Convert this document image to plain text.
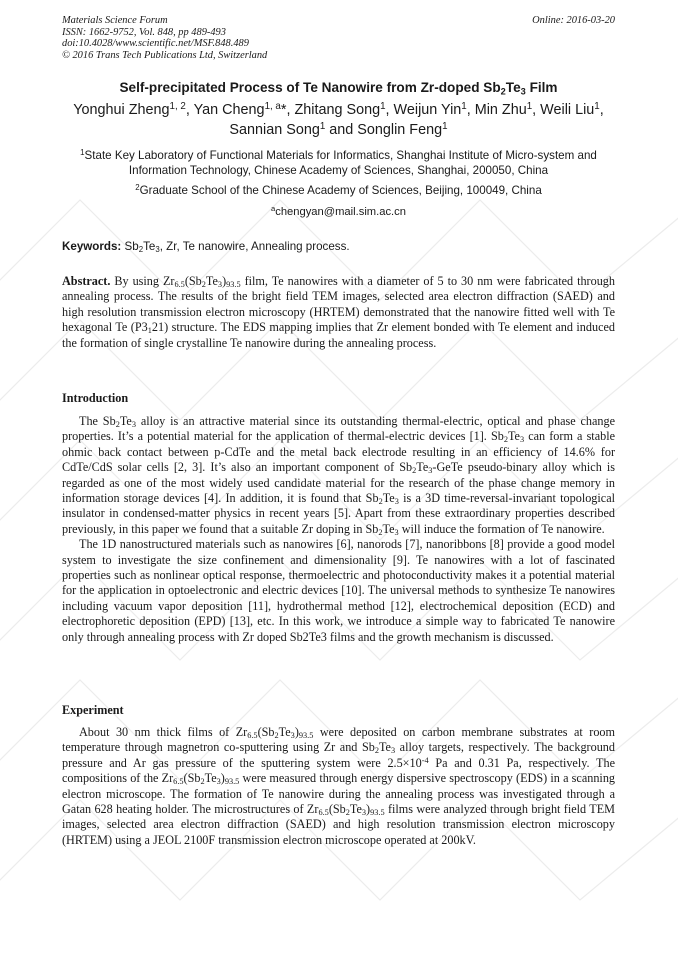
Materials Science Forum
ISSN: 1662-9752, Vol. 848, pp 489-493
doi:10.4028/www.scientific.net/MSF.848.489
© 2016 Trans Tech Publications Ltd, Switzerland
Online: 2016-03-20
Self-precipitated Process of Te Nanowire from Zr-doped $Sb_2Te_3$ Film
Yonghui Zheng$^{1, 2}$, Yan Cheng$^{1, a}$*, Zhitang Song$^1$, Weijun Yin$^1$, Min Zhu$^1$, Weili Liu$^1$, Sannian Song$^1$ and Songlin Feng$^1$
$^1$State Key Laboratory of Functional Materials for Informatics, Shanghai Institute of Micro-system and Information Technology, Chinese Academy of Sciences, Shanghai, 200050, China
$^2$Graduate School of the Chinese Academy of Sciences, Beijing, 100049, China
$^a$chengyan@mail.sim.ac.cn
Keywords: $Sb_2Te_3$, Zr, Te nanowire, Annealing process.
Abstract. By using $Zr_{6.5}(Sb_2Te_3)_{93.5}$ film, Te nanowires with a diameter of 5 to 30 nm were fabricated through annealing process. The results of the bright field TEM images, selected area electron diffraction (SAED) and high resolution transmission electron microscopy (HRTEM) demonstrated that the nanowire fitted well with Te hexagonal Te $(P3_121)$ structure. The EDS mapping implies that Zr element bonded with Te element and induced the formation of single crystalline Te nanowire during the annealing process.
Introduction

The $Sb_2Te_3$ alloy is an attractive material since its outstanding thermal-electric, optical and phase change properties. It’s a potential material for the application of thermal-electric devices [1]. $Sb_2Te_3$ can form a stable ohmic back contact between p-CdTe and the metal back electrode resulting in an efficiency of 14.6% for CdTe/CdS solar cells [2, 3]. It’s also an important component of $Sb_2Te_3$-GeTe pseudo-binary alloy which is regarded as one of the most widely used candidate material for the research of the phase change memory in information storage devices [4]. In addition, it is found that $Sb_2Te_3$ is a 3D time-reversal-invariant topological insulator in condensed-matter physics in recent years [5]. Apart from these extraordinary properties described previously, in this paper we found that a suitable Zr doping in $Sb_2Te_3$ will induce the formation of Te nanowire.

The 1D nanostructured materials such as nanowires [6], nanorods [7], nanoribbons [8] provide a good model system to investigate the size confinement and dimensionality [9]. Te nanowires with a lot of fascinated properties such as nonlinear optical response, thermoelectric and photoconductivity makes it a potential material for the application in optoelectronic and electric devices [10]. The universal methods to synthesize Te nanowires including vacuum vapor deposition [11], hydrothermal method [12], electrochemical deposition (ECD) and electrophoretic deposition (EPD) [13], etc. In this work, we introduce a simple way to fabricated Te nanowire only through annealing process with Zr doped Sb2Te3 films and the growth mechanism is discussed.

Experiment

About 30 nm thick films of $Zr_{6.5}(Sb_2Te_3)_{93.5}$ were deposited on carbon membrane substrates at room temperature through magnetron co-sputtering using Zr and $Sb_2Te_3$ alloy targets, respectively. The background pressure and Ar gas pressure of the sputtering system were $2.5\times 10^{-4}$ Pa and 0.31 Pa, respectively. The compositions of the $Zr_{6.5}(Sb_2Te_3)_{93.5}$ were measured through energy dispersive spectroscopy (EDS) in a scanning electron microscope. The formation of Te nanowire during the annealing process was investigated through a Gatan 628 heating holder. The microstructures of $Zr_{6.5}(Sb_2Te_3)_{93.5}$ films were analyzed through bright field TEM images, selected area electron diffraction (SAED) and high resolution transmission electron microscopy (HRTEM) using a JEOL 2100F transmission electron microscope operated at 200kV.
